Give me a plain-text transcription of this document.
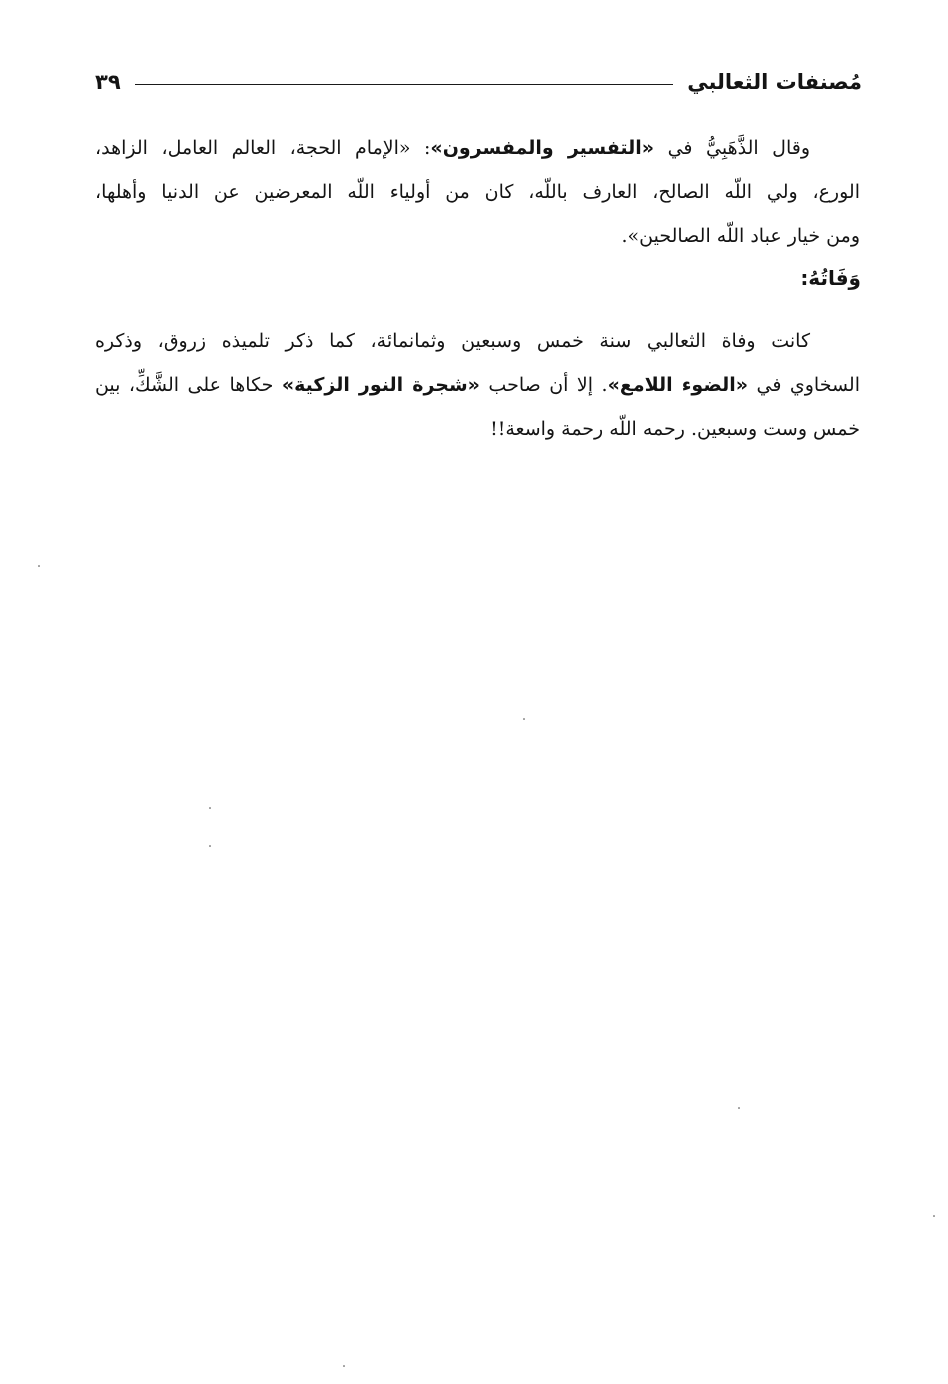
مُصنفات الثعالبي
٣٩

وقال الذَّهَبِيُّ في «التفسير والمفسرون»: «الإمام الحجة، العالم العامل، الزاهد،
الورع، ولي اللّه الصالح، العارف باللّه، كان من أولياء اللّه المعرضين عن الدنيا وأهلها،
ومن خيار عباد اللّه الصالحين».

وَفَاتُهُ:

كانت وفاة الثعالبي سنة خمس وسبعين وثمانمائة، كما ذكر تلميذه زروق، وذكره
السخاوي في «الضوء اللامع». إلا أن صاحب «شجرة النور الزكية» حكاها على الشَّكِّ، بين
خمس وست وسبعين. رحمه اللّه رحمة واسعة!!
